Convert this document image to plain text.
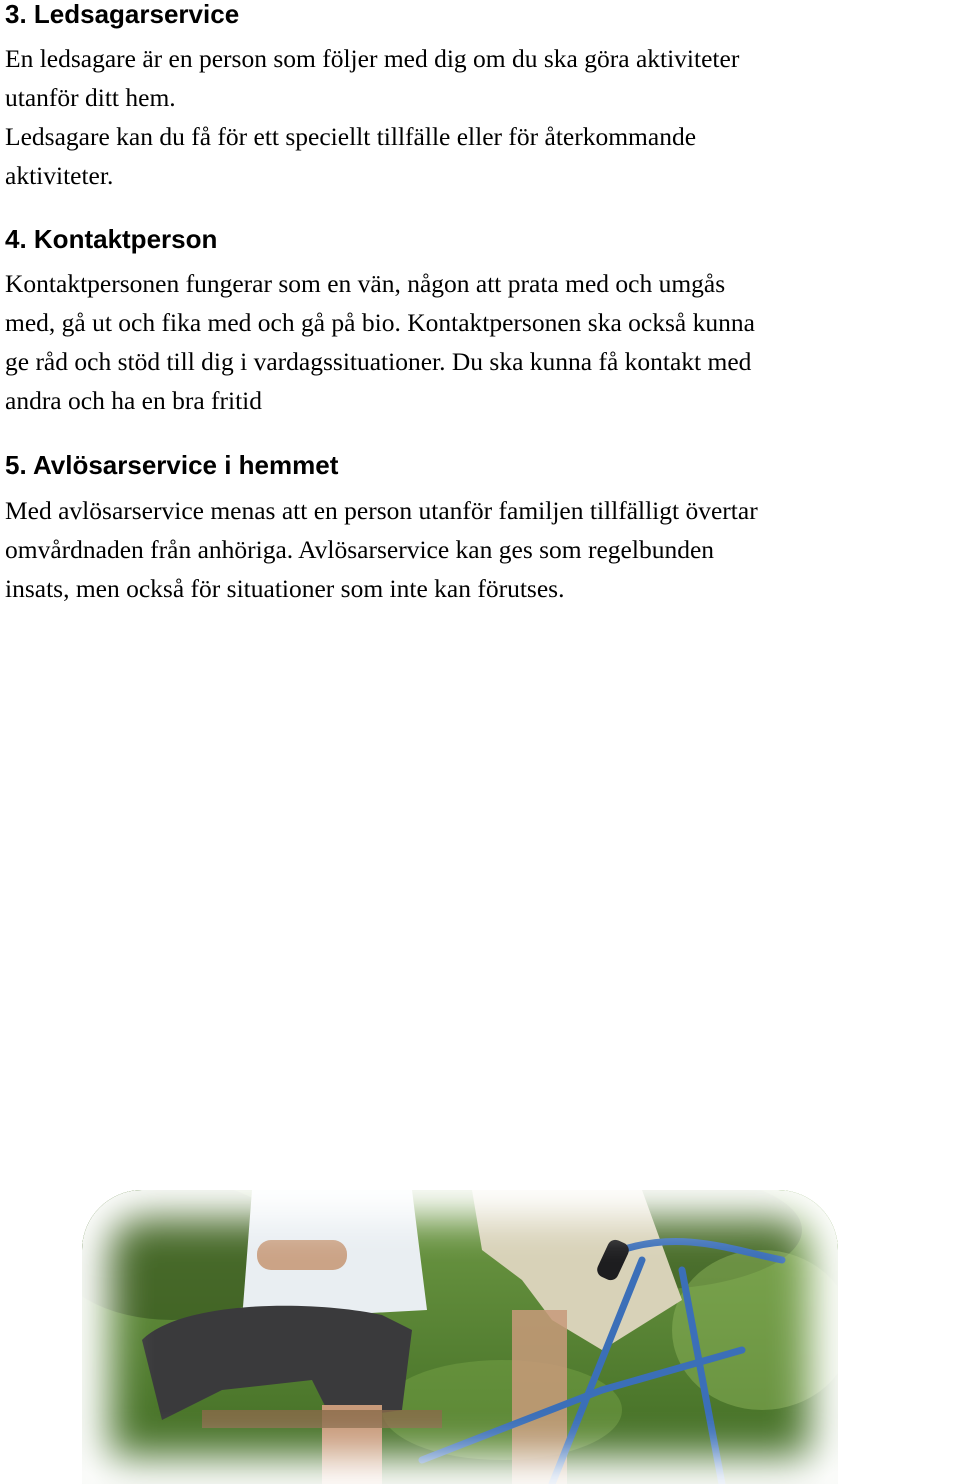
3. Ledsagarservice

En ledsagare är en person som följer med dig om du ska göra aktiviteter
utanför ditt hem.
Ledsagare kan du få för ett speciellt tillfälle eller för återkommande
aktiviteter.

4. Kontaktperson

Kontaktpersonen fungerar som en vän, någon att prata med och umgås
med, gå ut och fika med och gå på bio. Kontaktpersonen ska också kunna
ge råd och stöd till dig i vardagssituationer. Du ska kunna få kontakt med
andra och ha en bra fritid

5. Avlösarservice i hemmet

Med avlösarservice menas att en person utanför familjen tillfälligt övertar
omvårdnaden från anhöriga. Avlösarservice kan ges som regelbunden
insats, men också för situationer som inte kan förutses.
